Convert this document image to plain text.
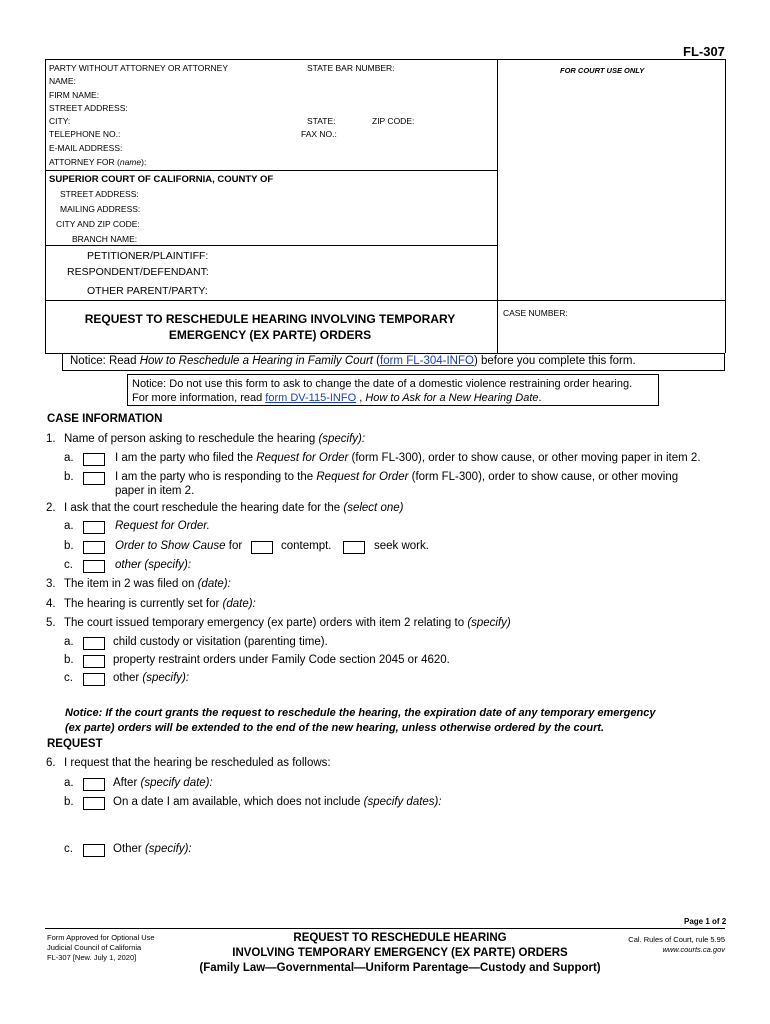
FL-307
PARTY WITHOUT ATTORNEY OR ATTORNEY	STATE BAR NUMBER:	FOR COURT USE ONLY
NAME:
FIRM NAME:
STREET ADDRESS:
CITY:	STATE:	ZIP CODE:
TELEPHONE NO.:	FAX NO.:
E-MAIL ADDRESS:
ATTORNEY FOR (name):
SUPERIOR COURT OF CALIFORNIA, COUNTY OF
STREET ADDRESS:
MAILING ADDRESS:
CITY AND ZIP CODE:
BRANCH NAME:
PETITIONER/PLAINTIFF:
RESPONDENT/DEFENDANT:
OTHER PARENT/PARTY:
REQUEST TO RESCHEDULE HEARING INVOLVING TEMPORARY
EMERGENCY (EX PARTE) ORDERS
CASE NUMBER:
Notice: Read How to Reschedule a Hearing in Family Court (form FL-304-INFO) before you complete this form.
Notice: Do not use this form to ask to change the date of a domestic violence restraining order hearing.
For more information, read form DV-115-INFO , How to Ask for a New Hearing Date.
CASE INFORMATION
1. Name of person asking to reschedule the hearing (specify):
a.	I am the party who filed the Request for Order (form FL-300), order to show cause, or other moving paper in item 2.
b.	I am the party who is responding to the Request for Order (form FL-300), order to show cause, or other moving
paper in item 2.
2. I ask that the court reschedule the hearing date for the (select one)
a.	Request for Order.
b.	Order to Show Cause for	contempt.	seek work.
c.	other (specify):
3. The item in 2 was filed on (date):
4. The hearing is currently set for (date):
5. The court issued temporary emergency (ex parte) orders with item 2 relating to (specify)
a.	child custody or visitation (parenting time).
b.	property restraint orders under Family Code section 2045 or 4620.
c.	other (specify):
Notice: If the court grants the request to reschedule the hearing, the expiration date of any temporary emergency
(ex parte) orders will be extended to the end of the new hearing, unless otherwise ordered by the court.
REQUEST
6. I request that the hearing be rescheduled as follows:
a.	After (specify date):
b.	On a date I am available, which does not include (specify dates):
c.	Other (specify):
Page 1 of 2
Form Approved for Optional Use
Judicial Council of California
FL-307 [New. July 1, 2020]
REQUEST TO RESCHEDULE HEARING
INVOLVING TEMPORARY EMERGENCY (EX PARTE) ORDERS
(Family Law—Governmental—Uniform Parentage—Custody and Support)
Cal. Rules of Court, rule 5.95
www.courts.ca.gov
